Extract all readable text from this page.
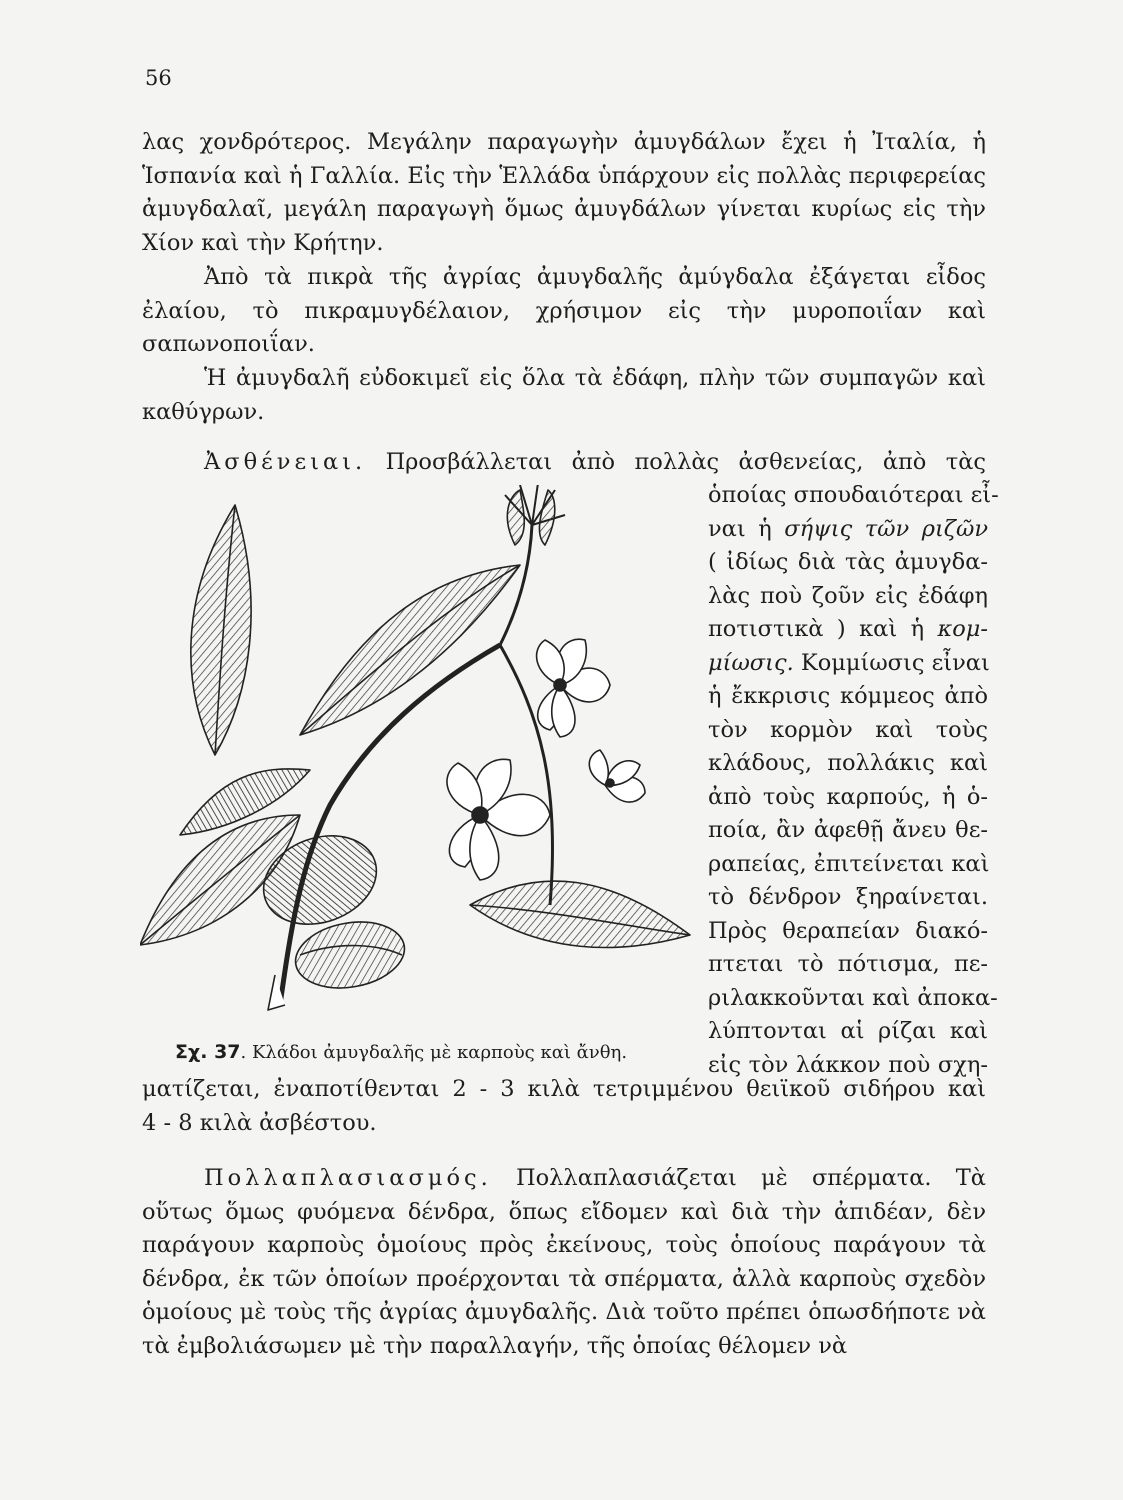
56

λας χονδρότερος. Μεγάλην παραγωγὴν ἀμυγδάλων ἔχει ἡ Ἰταλία, ἡ Ἱσπανία καὶ ἡ Γαλλία. Εἰς τὴν Ἑλλάδα ὑπάρχουν εἰς πολλὰς περιφερείας ἀμυγδαλαῖ, μεγάλη παραγωγὴ ὅμως ἀμυγδάλων γίνεται κυρίως εἰς τὴν Χίον καὶ τὴν Κρήτην.

Ἀπὸ τὰ πικρὰ τῆς ἀγρίας ἀμυγδαλῆς ἀμύγδαλα ἐξάγεται εἶδος ἐλαίου, τὸ πικραμυγδέλαιον, χρήσιμον εἰς τὴν μυροποιΐαν καὶ σαπωνοποιΐαν.

Ἡ ἀμυγδαλῆ εὐδοκιμεῖ εἰς ὅλα τὰ ἐδάφη, πλὴν τῶν συμπαγῶν καὶ καθύγρων.

Ἀσθένειαι. Προσβάλλεται ἀπὸ πολλὰς ἀσθενείας, ἀπὸ τὰς
Σχ. 37. Κλάδοι ἀμυγδαλῆς μὲ καρποὺς καὶ ἄνθη.
ὁποίας σπουδαιότεραι εἶ-
ναι ἡ σήψις τῶν ριζῶν
( ἰδίως διὰ τὰς ἀμυγδα-
λὰς ποὺ ζοῦν εἰς ἐδάφη
ποτιστικὰ ) καὶ ἡ κομ-
μίωσις. Κομμίωσις εἶναι
ἡ ἔκκρισις κόμμεος ἀπὸ
τὸν κορμὸν καὶ τοὺς
κλάδους, πολλάκις καὶ
ἀπὸ τοὺς καρπούς, ἡ ὁ-
ποία, ἂν ἀφεθῇ ἄνευ θε-
ραπείας, ἐπιτείνεται καὶ
τὸ δένδρον ξηραίνεται.
Πρὸς θεραπείαν διακό-
πτεται τὸ πότισμα, πε-
ριλακκοῦνται καὶ ἀποκα-
λύπτονται αἱ ρίζαι καὶ
εἰς τὸν λάκκον ποὺ σχη-
ματίζεται, ἐναποτίθενται 2 - 3 κιλὰ τετριμμένου θειϊκοῦ σιδήρου καὶ
4 - 8 κιλὰ ἀσβέστου.

Πολλαπλασιασμός. Πολλαπλασιάζεται μὲ σπέρματα. Τὰ οὕτως ὅμως φυόμενα δένδρα, ὅπως εἴδομεν καὶ διὰ τὴν ἀπιδέαν, δὲν παράγουν καρποὺς ὁμοίους πρὸς ἐκείνους, τοὺς ὁποίους παράγουν τὰ δένδρα, ἐκ τῶν ὁποίων προέρχονται τὰ σπέρματα, ἀλλὰ καρποὺς σχεδὸν ὁμοίους μὲ τοὺς τῆς ἀγρίας ἀμυγδαλῆς. Διὰ τοῦτο πρέπει ὁπωσδήποτε νὰ τὰ ἐμβολιάσωμεν μὲ τὴν παραλλαγήν, τῆς ὁποίας θέλομεν νὰ
